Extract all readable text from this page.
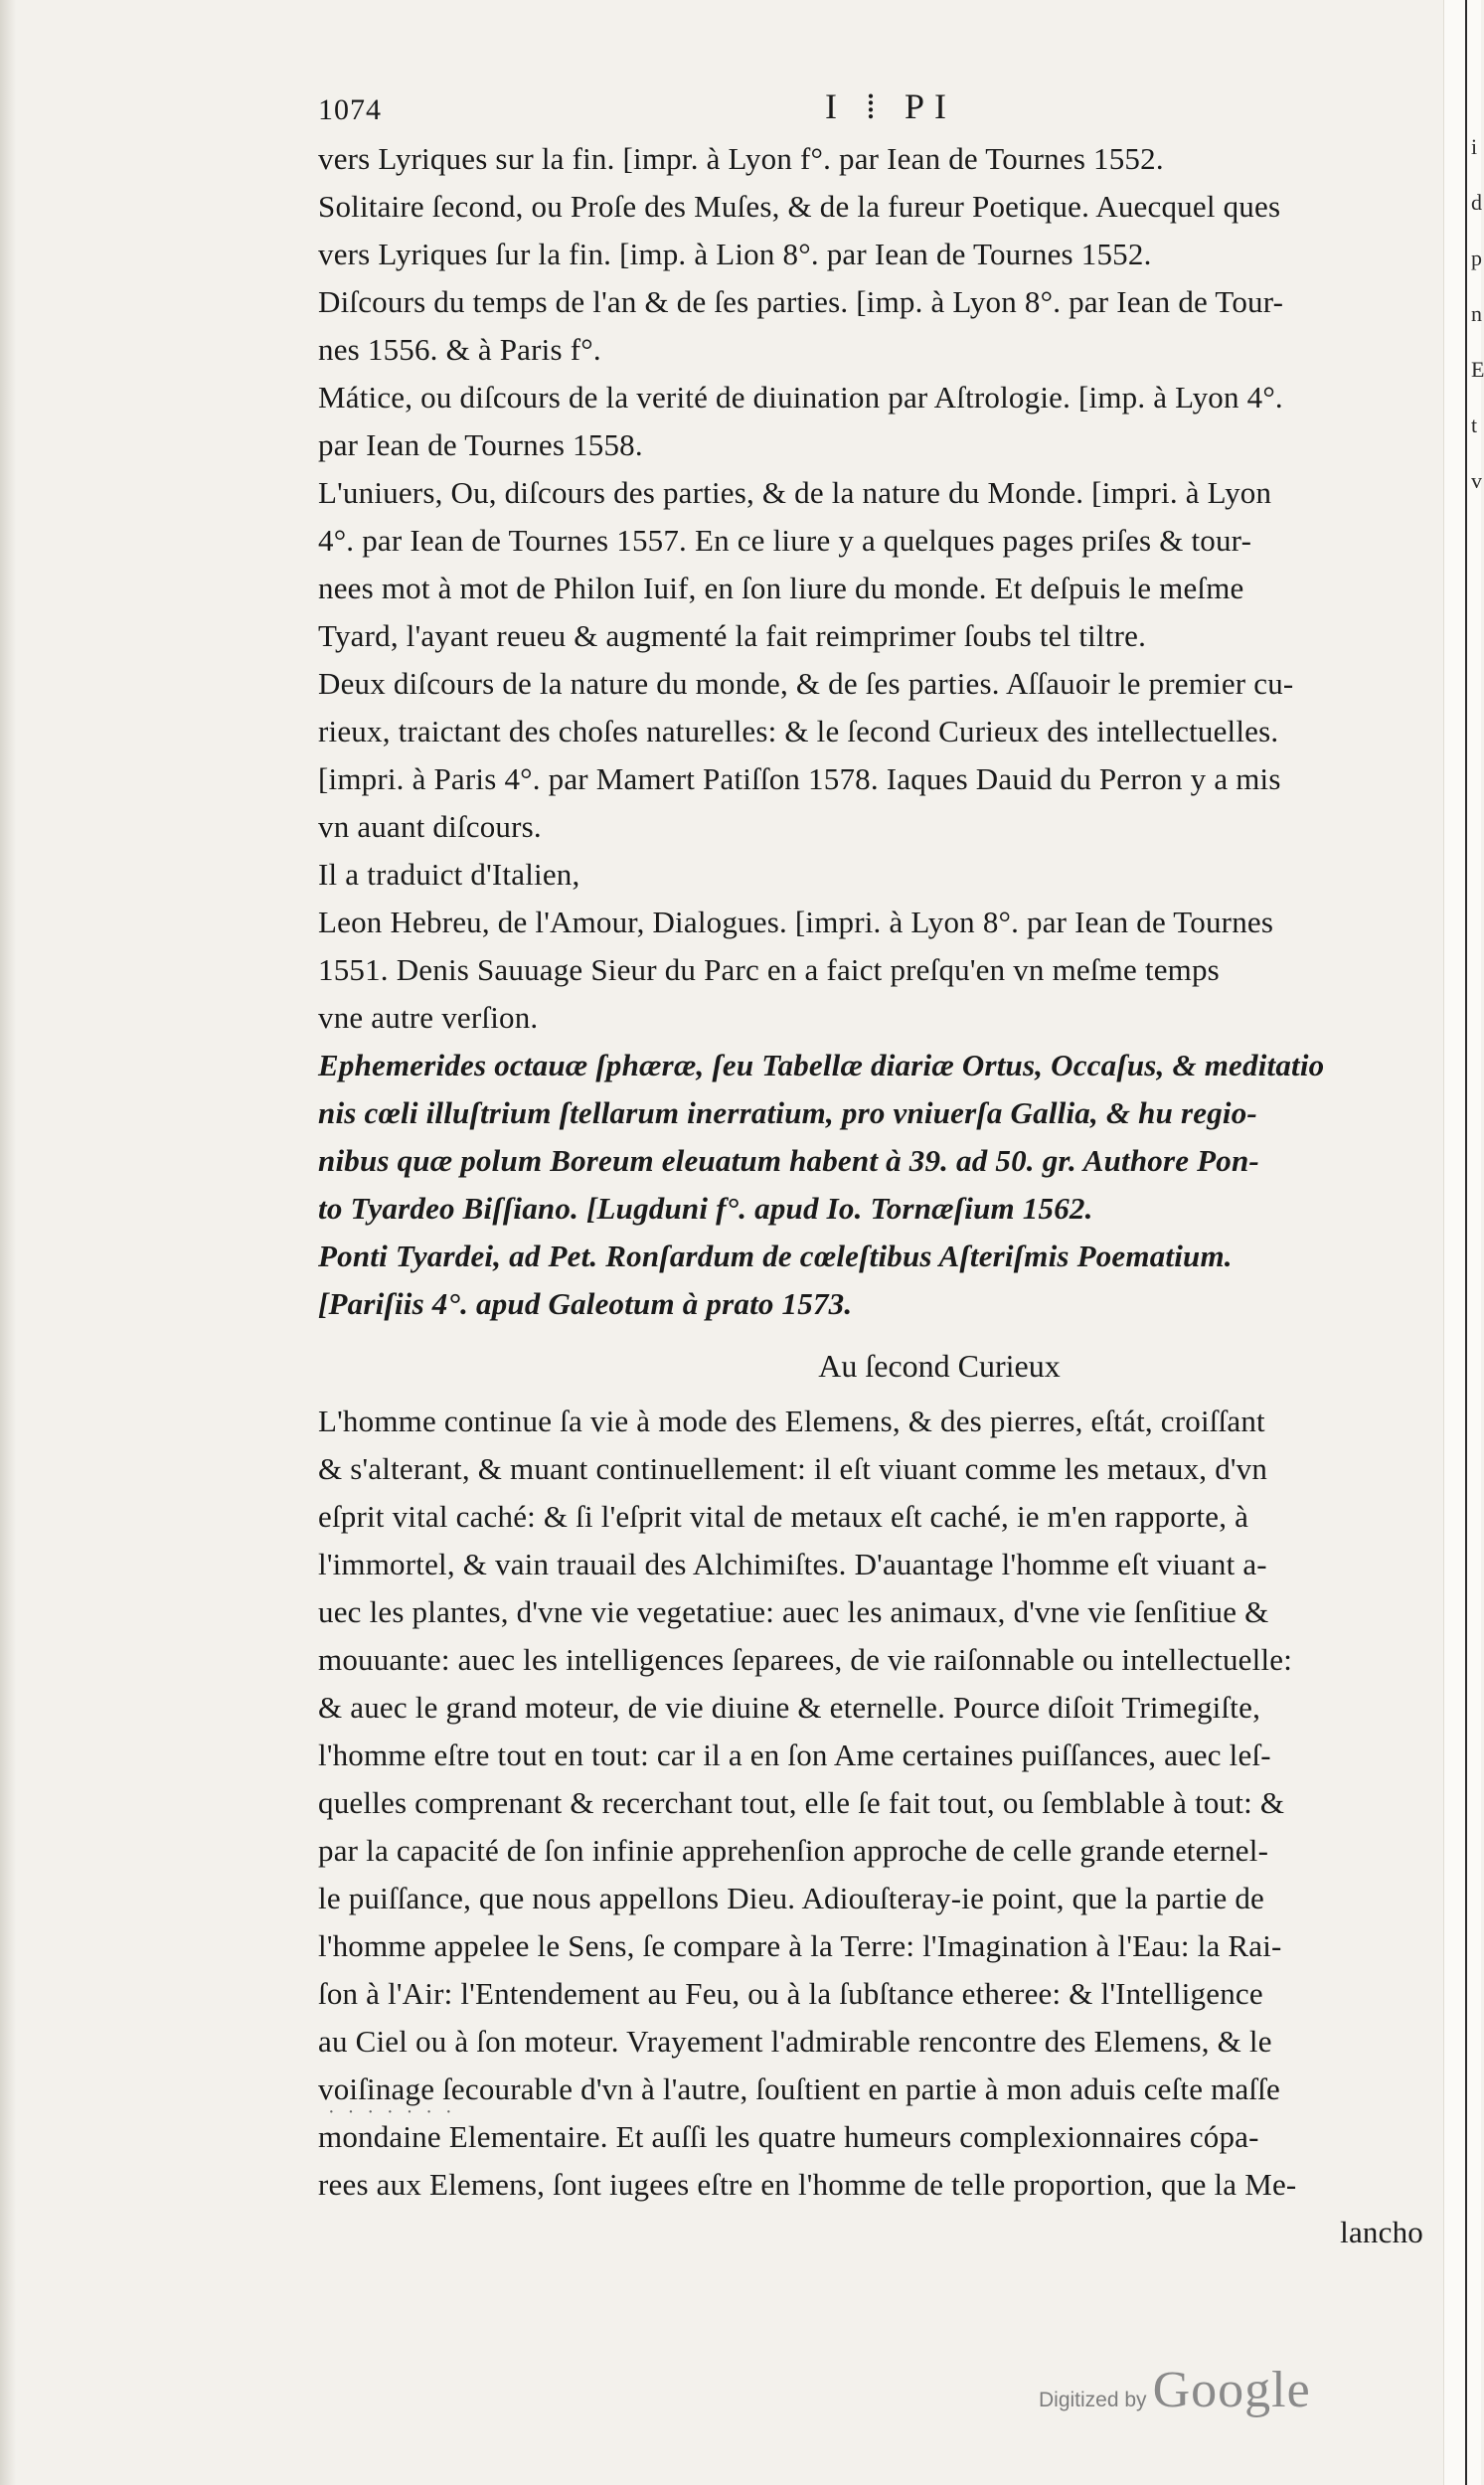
i
d
p
n
E
t
v
1074	I ⁞ PI
vers Lyriques sur la fin. [impr. à Lyon f°. par Iean de Tournes 1552.
Solitaire ſecond, ou Proſe des Muſes, & de la fureur Poetique. Auecquel ques
vers Lyriques ſur la fin. [imp. à Lion 8°. par Iean de Tournes 1552.
Diſcours du temps de l'an & de ſes parties. [imp. à Lyon 8°. par Iean de Tour-
nes 1556. & à Paris f°.
Mátice, ou diſcours de la verité de diuination par Aſtrologie. [imp. à Lyon 4°.
par Iean de Tournes 1558.
L'uniuers, Ou, diſcours des parties, & de la nature du Monde. [impri. à Lyon
4°. par Iean de Tournes 1557. En ce liure y a quelques pages priſes & tour-
nees mot à mot de Philon Iuif, en ſon liure du monde. Et deſpuis le meſme
Tyard, l'ayant reueu & augmenté la fait reimprimer ſoubs tel tiltre.
Deux diſcours de la nature du monde, & de ſes parties. Aſſauoir le premier cu-
rieux, traictant des choſes naturelles: & le ſecond Curieux des intellectuelles.
[impri. à Paris 4°. par Mamert Patiſſon 1578. Iaques Dauid du Perron y a mis
vn auant diſcours.
Il a traduict d'Italien,
Leon Hebreu, de l'Amour, Dialogues. [impri. à Lyon 8°. par Iean de Tournes
1551. Denis Sauuage Sieur du Parc en a faict preſqu'en vn meſme temps
vne autre verſion.
Ephemerides octauæ ſphæræ, ſeu Tabellæ diariæ Ortus, Occaſus, & meditatio
nis cœli illuſtrium ſtellarum inerratium, pro vniuerſa Gallia, & hu regio-
nibus quæ polum Boreum eleuatum habent à 39. ad 50. gr. Authore Pon-
to Tyardeo Biſſiano. [Lugduni f°. apud Io. Tornæſium 1562.
Ponti Tyardei, ad Pet. Ronſardum de cœleſtibus Aſteriſmis Poematium.
[Pariſiis 4°. apud Galeotum à prato 1573.
Au ſecond Curieux
L'homme continue ſa vie à mode des Elemens, & des pierres, eſtát, croiſſant
& s'alterant, & muant continuellement: il eſt viuant comme les metaux, d'vn
eſprit vital caché: & ſi l'eſprit vital de metaux eſt caché, ie m'en rapporte, à
l'immortel, & vain trauail des Alchimiſtes. D'auantage l'homme eſt viuant a-
uec les plantes, d'vne vie vegetatiue: auec les animaux, d'vne vie ſenſitiue &
mouuante: auec les intelligences ſeparees, de vie raiſonnable ou intellectuelle:
& auec le grand moteur, de vie diuine & eternelle. Pource diſoit Trimegiſte,
l'homme eſtre tout en tout: car il a en ſon Ame certaines puiſſances, auec leſ-
quelles comprenant & recerchant tout, elle ſe fait tout, ou ſemblable à tout: &
par la capacité de ſon infinie apprehenſion approche de celle grande eternel-
le puiſſance, que nous appellons Dieu. Adiouſteray-ie point, que la partie de
l'homme appelee le Sens, ſe compare à la Terre: l'Imagination à l'Eau: la Rai-
ſon à l'Air: l'Entendement au Feu, ou à la ſubſtance etheree: & l'Intelligence
au Ciel ou à ſon moteur. Vrayement l'admirable rencontre des Elemens, & le
voiſinage ſecourable d'vn à l'autre, ſouſtient en partie à mon aduis ceſte maſſe
mondaine Elementaire. Et auſſi les quatre humeurs complexionnaires cópa-
rees aux Elemens, ſont iugees eſtre en l'homme de telle proportion, que la Me-
lancho
· · · · · · ·
Digitized by Google
